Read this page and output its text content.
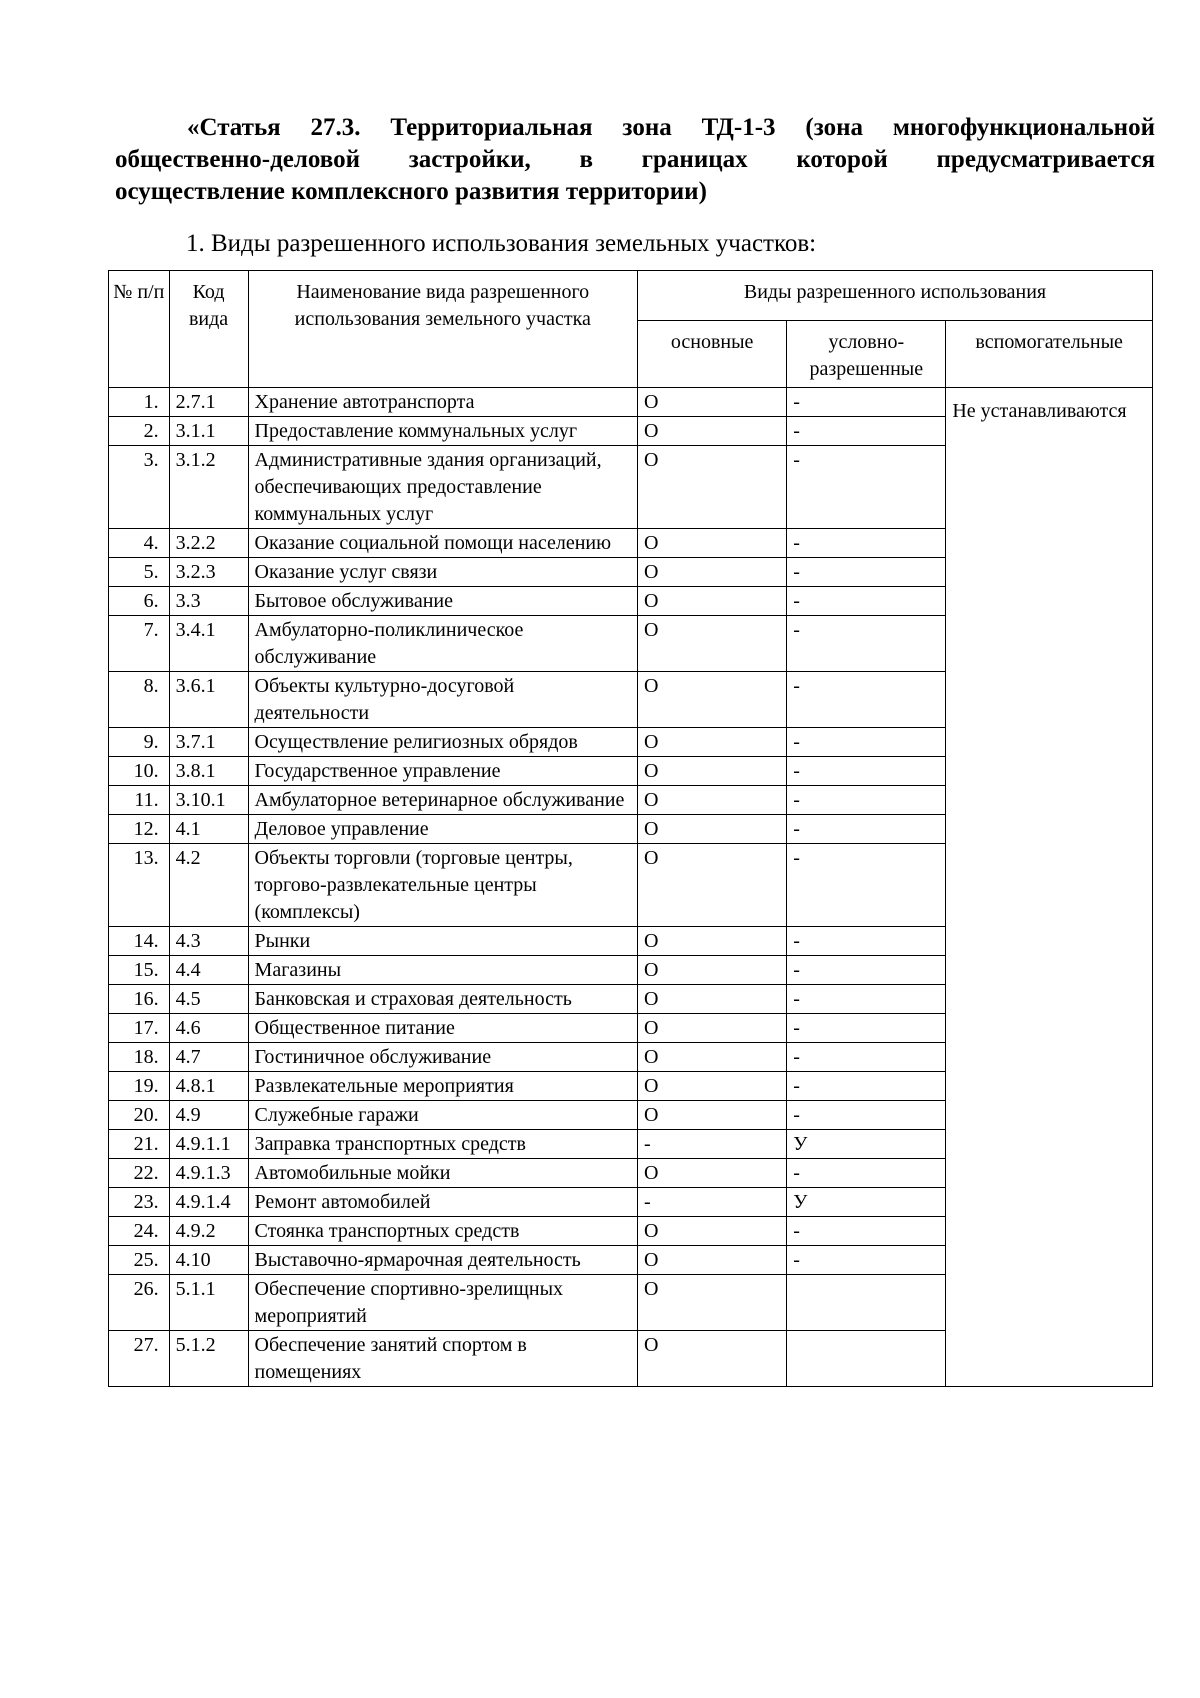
«Статья 27.3. Территориальная зона ТД-1-3 (зона многофункциональной
общественно-деловой застройки, в границах которой предусматривается
осуществление комплексного развития территории)
1. Виды разрешенного использования земельных участков:
№ п/п	Код вида	Наименование вида разрешенного использования земельного участка	Виды разрешенного использования		
			основные	условно-разрешенные	вспомогательные
1.	2.7.1	Хранение автотранспорта	О	-	Не устанавливаются
2.	3.1.1	Предоставление коммунальных услуг	О	-	
3.	3.1.2	Административные здания организаций, обеспечивающих предоставление коммунальных услуг	О	-	
4.	3.2.2	Оказание социальной помощи населению	О	-	
5.	3.2.3	Оказание услуг связи	О	-	
6.	3.3	Бытовое обслуживание	О	-	
7.	3.4.1	Амбулаторно-поликлиническое обслуживание	О	-	
8.	3.6.1	Объекты культурно-досуговой деятельности	О	-	
9.	3.7.1	Осуществление религиозных обрядов	О	-	
10.	3.8.1	Государственное управление	О	-	
11.	3.10.1	Амбулаторное ветеринарное обслуживание	О	-	
12.	4.1	Деловое управление	О	-	
13.	4.2	Объекты торговли (торговые центры, торгово-развлекательные центры (комплексы)	О	-	
14.	4.3	Рынки	О	-	
15.	4.4	Магазины	О	-	
16.	4.5	Банковская и страховая деятельность	О	-	
17.	4.6	Общественное питание	О	-	
18.	4.7	Гостиничное обслуживание	О	-	
19.	4.8.1	Развлекательные мероприятия	О	-	
20.	4.9	Служебные гаражи	О	-	
21.	4.9.1.1	Заправка транспортных средств	-	У	
22.	4.9.1.3	Автомобильные мойки	О	-	
23.	4.9.1.4	Ремонт автомобилей	-	У	
24.	4.9.2	Стоянка транспортных средств	О	-	
25.	4.10	Выставочно-ярмарочная деятельность	О	-	
26.	5.1.1	Обеспечение спортивно-зрелищных мероприятий	О		
27.	5.1.2	Обеспечение занятий спортом в помещениях	О		
